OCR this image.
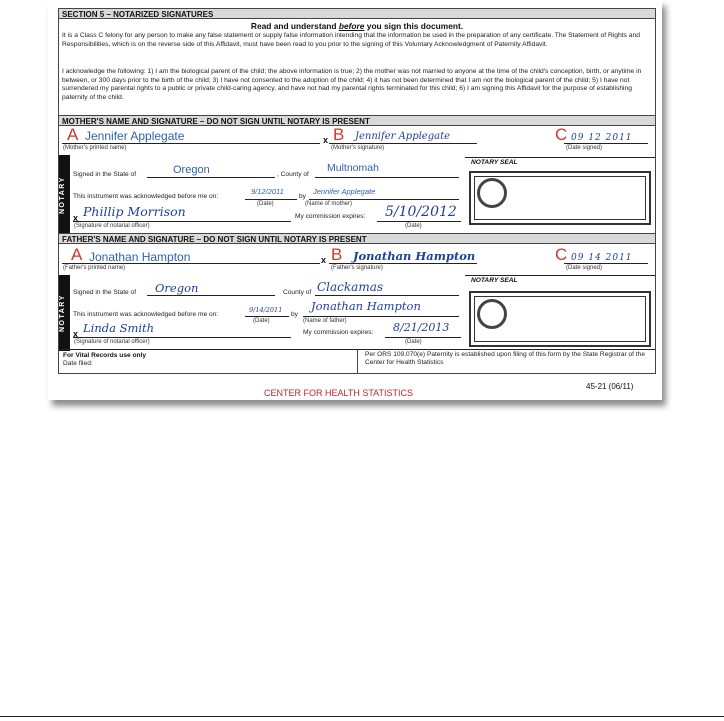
SECTION 5 – NOTARIZED SIGNATURES
Read and understand before you sign this document.
It is a Class C felony for any person to make any false statement or supply false information intending that the information be used in the preparation of any certificate. The Statement of Rights and Responsibilities, which is on the reverse side of this Affidavit, must have been read to you prior to the signing of this Voluntary Acknowledgment of Paternity Affidavit.
I acknowledge the following: 1) I am the biological parent of the child; the above information is true; 2) the mother was not married to anyone at the time of the child's conception, birth, or anytime in between, or 300 days prior to the birth of the child; 3) I have not consented to the adoption of the child; 4) it has not been determined that I am not the biological parent of the child; 5) I have not surrendered my parental rights to a public or private child-caring agency, and have not had my parental rights terminated for this child; 6) I am signing this Affidavit for the purpose of establishing paternity of the child.
MOTHER'S NAME AND SIGNATURE – DO NOT SIGN UNTIL NOTARY IS PRESENT
A Jennifer Applegate
(Mother's printed name)
x B Jennifer Applegate
(Mother's signature)
C 09 12 2011
(Date signed)
NOTARY
Signed in the State of	Oregon	, County of
Multnomah
This instrument was acknowledged before me on:
9/12/2011
by
Jennifer Applegate
(Date)	(Name of mother)
x Phillip Morrison
(Signature of notarial officer)
My commission expires: 5/10/2012
(Date)
NOTARY SEAL
FATHER'S NAME AND SIGNATURE – DO NOT SIGN UNTIL NOTARY IS PRESENT
A Jonathan Hampton
(Father's printed name)
x B Jonathan Hampton
(Father's signature)
C 09 14 2011
(Date signed)
NOTARY
Signed in the State of Oregon	County of Clackamas
This instrument was acknowledged before me on:
9/14/2011
by
Jonathan Hampton
(Date)	(Name of father)
x Linda Smith
(Signature of notarial officer)
My commission expires: 8/21/2013
(Date)
NOTARY SEAL
For Vital Records use only
Date filed:
Per ORS 109.070(e) Paternity is established upon filing of this form by the State Registrar of the Center for Health Statistics
CENTER FOR HEALTH STATISTICS
45-21 (06/11)
